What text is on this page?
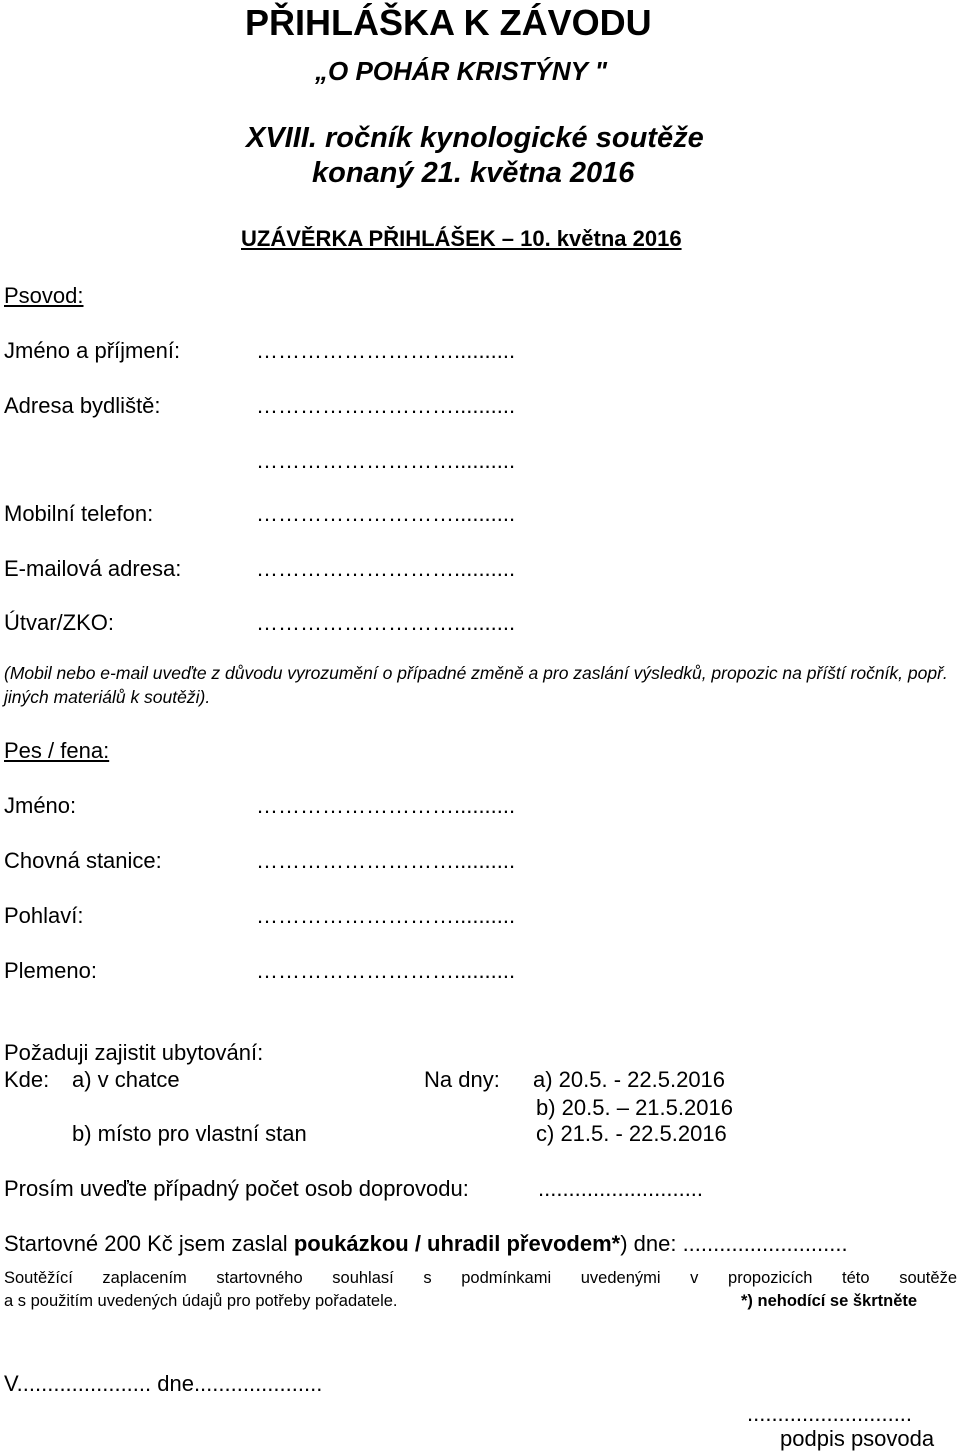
PŘIHLÁŠKA K ZÁVODU
„O POHÁR KRISTÝNY "
XVIII. ročník kynologické soutěže
konaný 21. května 2016
UZÁVĚRKA PŘIHLÁŠEK – 10. května 2016
Psovod:
Jméno a příjmení:	………………………..........
Adresa bydliště:	………………………..........
………………………..........
Mobilní telefon:	………………………..........
E-mailová adresa:	………………………..........
Útvar/ZKO:	………………………..........
(Mobil nebo e-mail uveďte z důvodu vyrozumění o případné změně a pro zaslání výsledků, propozic na příští ročník, popř. jiných materiálů k soutěži).
Pes / fena:
Jméno:	………………………..........
Chovná stanice:	………………………..........
Pohlaví:	………………………..........
Plemeno:	………………………..........
Požaduji zajistit ubytování:
Kde: a) v chatce	Na dny: a) 20.5. - 22.5.2016
b) 20.5. – 21.5.2016
b) místo pro vlastní stan	c) 21.5. - 22.5.2016
Prosím uveďte případný počet osob doprovodu:	...........................
Startovné 200 Kč jsem zaslal poukázkou / uhradil převodem*) dne: ...........................
Soutěžící zaplacením startovného souhlasí s podmínkami uvedenými v propozicích této soutěže
a s použitím uvedených údajů pro potřeby pořadatele.	*) nehodící se škrtněte
V...................... dne.....................
...........................
podpis psovoda
